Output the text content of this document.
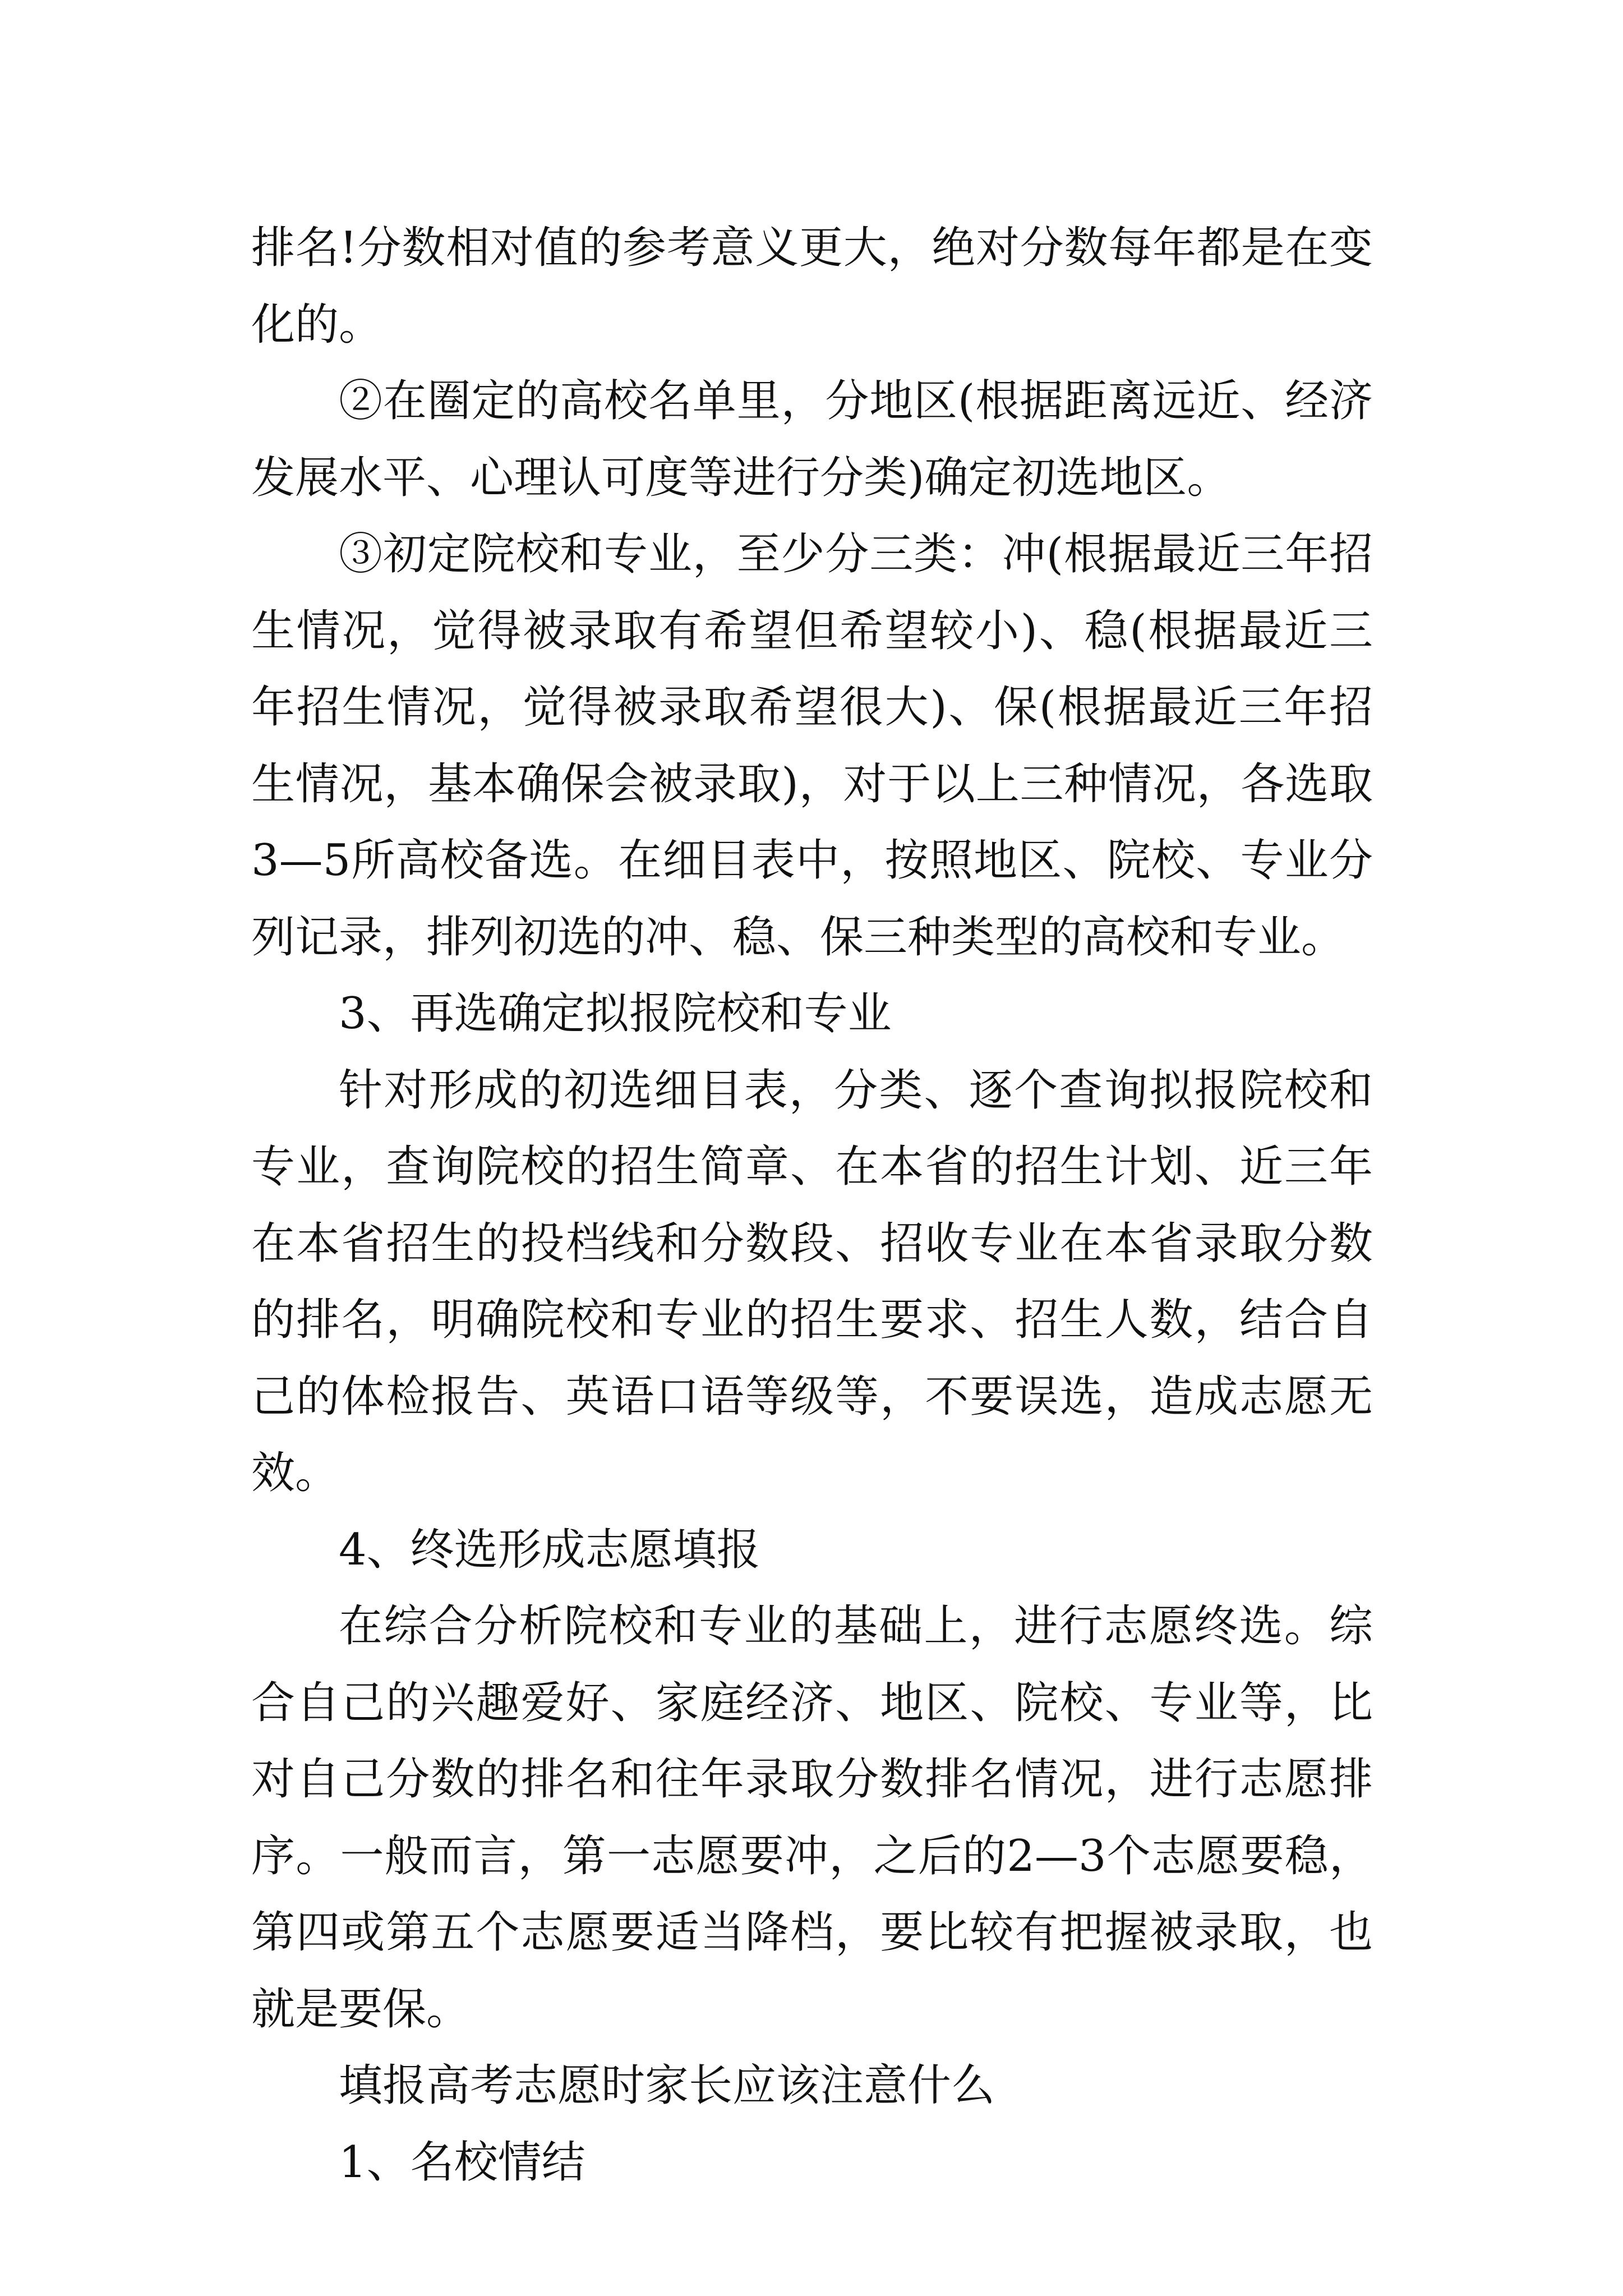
排名!分数相对值的参考意义更大，绝对分数每年都是在变化的。

②在圈定的高校名单里，分地区(根据距离远近、经济发展水平、心理认可度等进行分类)确定初选地区。

③初定院校和专业，至少分三类：冲(根据最近三年招生情况，觉得被录取有希望但希望较小)、稳(根据最近三年招生情况，觉得被录取希望很大)、保(根据最近三年招生情况，基本确保会被录取)，对于以上三种情况，各选取3—5所高校备选。在细目表中，按照地区、院校、专业分列记录，排列初选的冲、稳、保三种类型的高校和专业。

3、再选确定拟报院校和专业

针对形成的初选细目表，分类、逐个查询拟报院校和专业，查询院校的招生简章、在本省的招生计划、近三年在本省招生的投档线和分数段、招收专业在本省录取分数的排名，明确院校和专业的招生要求、招生人数，结合自己的体检报告、英语口语等级等，不要误选，造成志愿无效。

4、终选形成志愿填报

在综合分析院校和专业的基础上，进行志愿终选。综合自己的兴趣爱好、家庭经济、地区、院校、专业等，比对自己分数的排名和往年录取分数排名情况，进行志愿排序。一般而言，第一志愿要冲，之后的2—3个志愿要稳，第四或第五个志愿要适当降档，要比较有把握被录取，也就是要保。

填报高考志愿时家长应该注意什么

1、名校情结
